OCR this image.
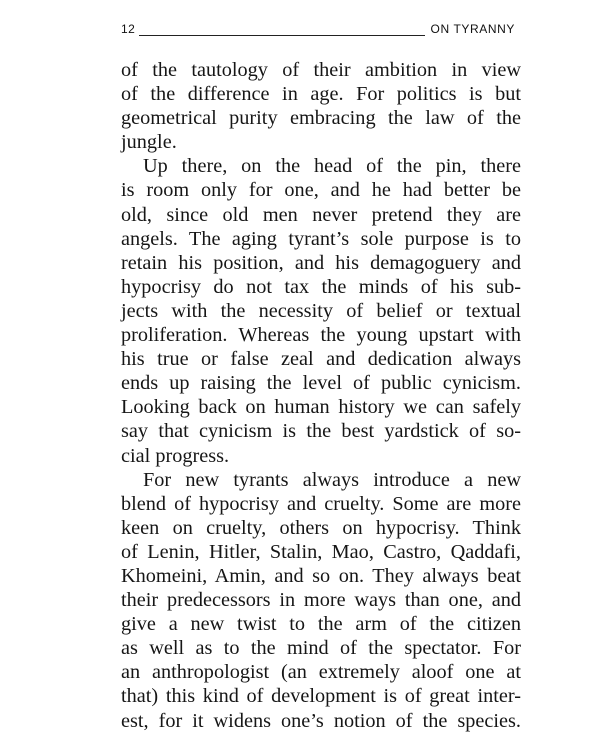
12	ON TYRANNY
of the tautology of their ambition in view
of the difference in age. For politics is but
geometrical purity embracing the law of the
jungle.
Up there, on the head of the pin, there
is room only for one, and he had better be
old, since old men never pretend they are
angels. The aging tyrant’s sole purpose is to
retain his position, and his demagoguery and
hypocrisy do not tax the minds of his sub-
jects with the necessity of belief or textual
proliferation. Whereas the young upstart with
his true or false zeal and dedication always
ends up raising the level of public cynicism.
Looking back on human history we can safely
say that cynicism is the best yardstick of so-
cial progress.
For new tyrants always introduce a new
blend of hypocrisy and cruelty. Some are more
keen on cruelty, others on hypocrisy. Think
of Lenin, Hitler, Stalin, Mao, Castro, Qaddafi,
Khomeini, Amin, and so on. They always beat
their predecessors in more ways than one, and
give a new twist to the arm of the citizen
as well as to the mind of the spectator. For
an anthropologist (an extremely aloof one at
that) this kind of development is of great inter-
est, for it widens one’s notion of the species.
